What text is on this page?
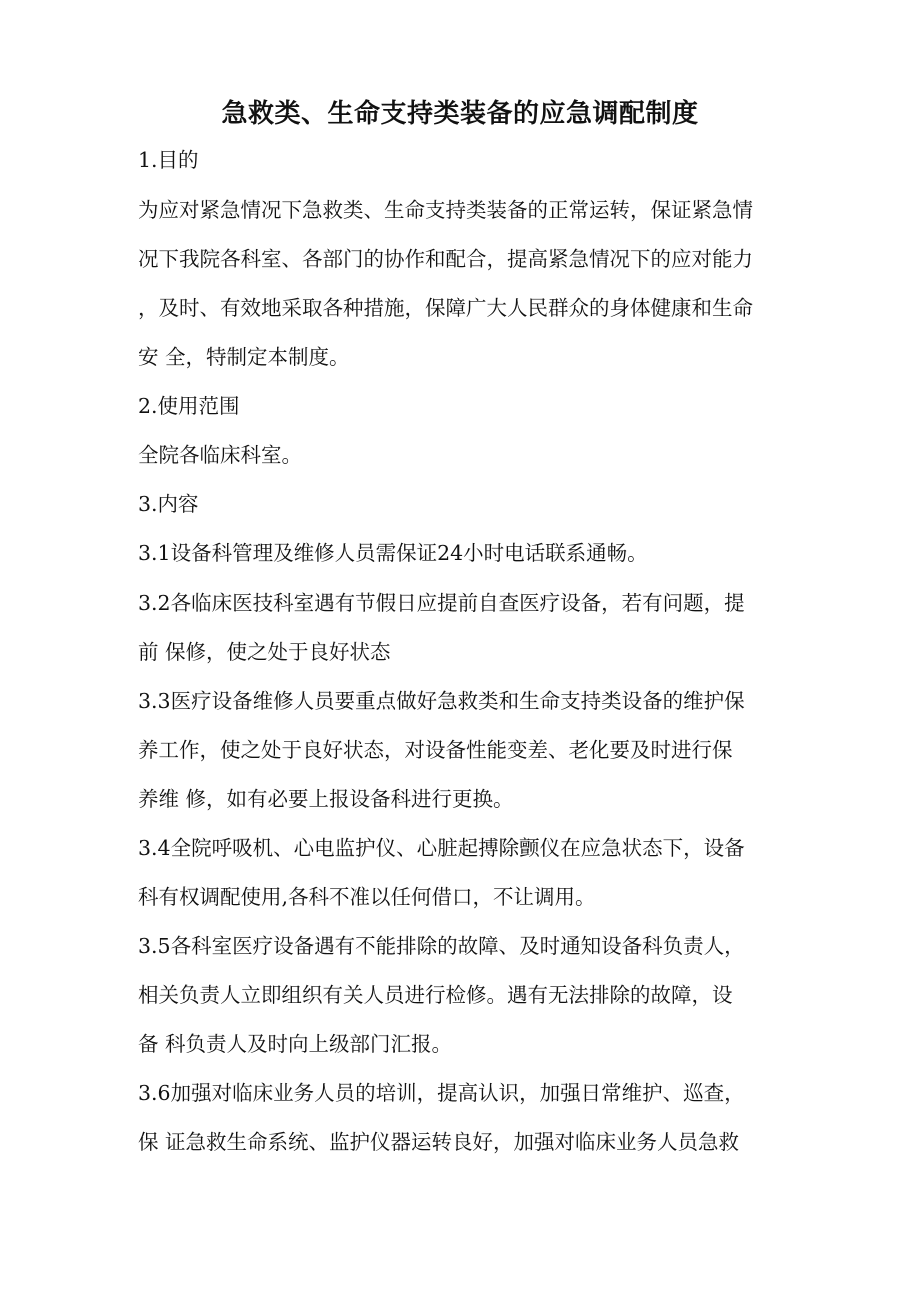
急救类、生命支持类装备的应急调配制度

1.目的

为应对紧急情况下急救类、生命支持类装备的正常运转，保证紧急情

况下我院各科室、各部门的协作和配合，提高紧急情况下的应对能力

，及时、有效地采取各种措施，保障广大人民群众的身体健康和生命

安 全，特制定本制度。

2.使用范围

全院各临床科室。

3.内容

3.1设备科管理及维修人员需保证24小时电话联系通畅。

3.2各临床医技科室遇有节假日应提前自查医疗设备，若有问题，提

前 保修，使之处于良好状态

3.3医疗设备维修人员要重点做好急救类和生命支持类设备的维护保

养工作，使之处于良好状态，对设备性能变差、老化要及时进行保

养维 修，如有必要上报设备科进行更换。

3.4全院呼吸机、心电监护仪、心脏起搏除颤仪在应急状态下，设备

科有权调配使用,各科不准以任何借口，不让调用。

3.5各科室医疗设备遇有不能排除的故障、及时通知设备科负责人，

相关负责人立即组织有关人员进行检修。遇有无法排除的故障，设

备 科负责人及时向上级部门汇报。

3.6加强对临床业务人员的培训，提高认识，加强日常维护、巡查，

保 证急救生命系统、监护仪器运转良好，加强对临床业务人员急救
